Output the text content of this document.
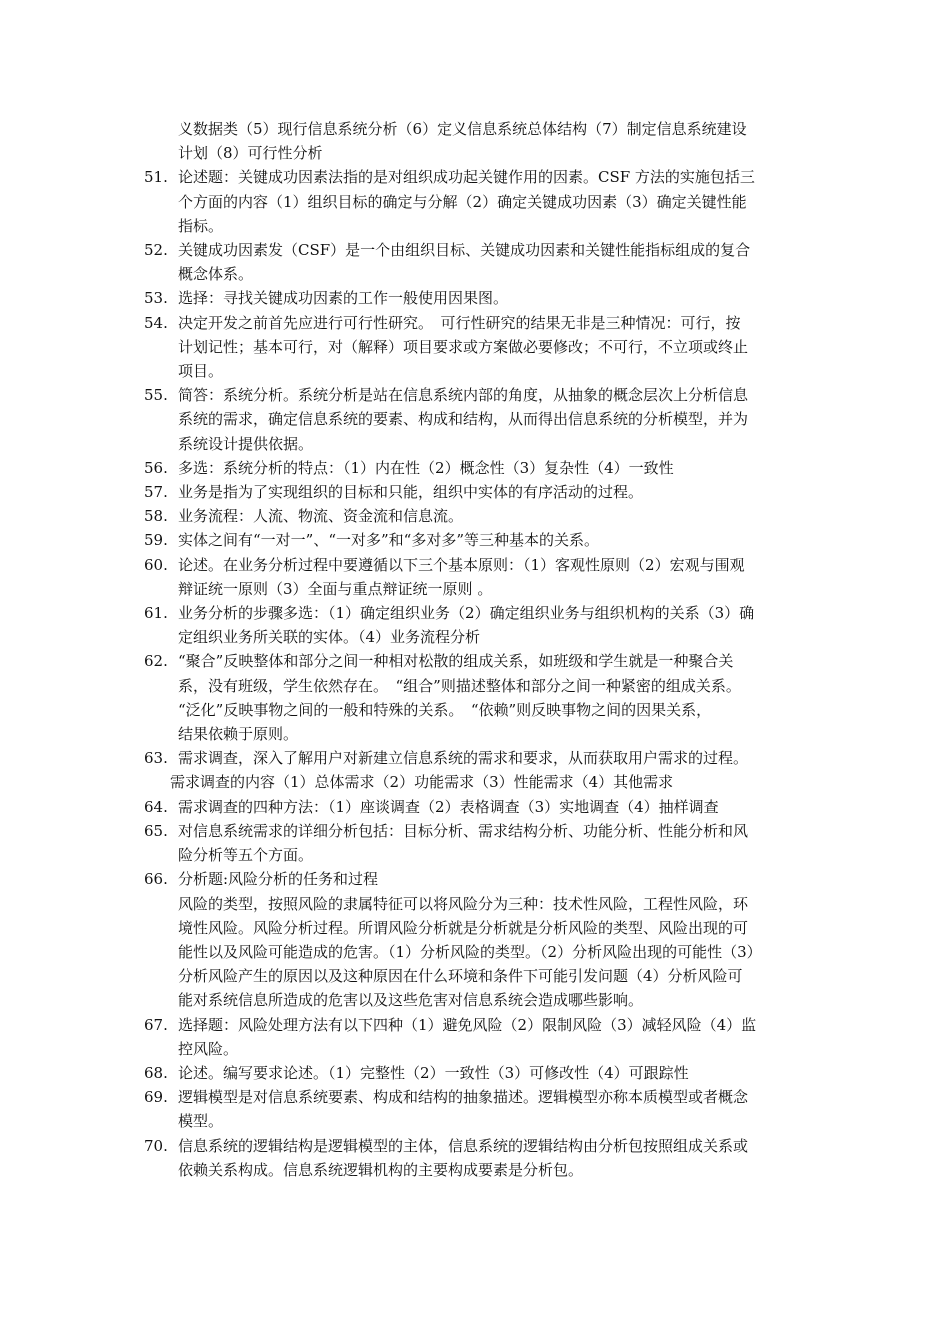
义数据类（5）现行信息系统分析（6）定义信息系统总体结构（7）制定信息系统建设
计划（8）可行性分析
51. 论述题：关键成功因素法指的是对组织成功起关键作用的因素。CSF 方法的实施包括三
个方面的内容（1）组织目标的确定与分解（2）确定关键成功因素（3）确定关键性能
指标。
52. 关键成功因素发（CSF）是一个由组织目标、关键成功因素和关键性能指标组成的复合
概念体系。
53. 选择：寻找关键成功因素的工作一般使用因果图。
54. 决定开发之前首先应进行可行性研究。　可行性研究的结果无非是三种情况：可行，按
计划记性；基本可行，对（解释）项目要求或方案做必要修改；不可行，不立项或终止
项目。
55. 简答：系统分析。系统分析是站在信息系统内部的角度，从抽象的概念层次上分析信息
系统的需求，确定信息系统的要素、构成和结构，从而得出信息系统的分析模型，并为
系统设计提供依据。
56. 多选：系统分析的特点：（1）内在性（2）概念性（3）复杂性（4）一致性
57. 业务是指为了实现组织的目标和只能，组织中实体的有序活动的过程。
58. 业务流程：人流、物流、资金流和信息流。
59. 实体之间有“一对一”、“一对多”和“多对多”等三种基本的关系。
60. 论述。在业务分析过程中要遵循以下三个基本原则：（1）客观性原则（2）宏观与围观
辩证统一原则（3）全面与重点辩证统一原则 。
61. 业务分析的步骤多选：（1）确定组织业务（2）确定组织业务与组织机构的关系（3）确
定组织业务所关联的实体。（4）业务流程分析
62. “聚合”反映整体和部分之间一种相对松散的组成关系，如班级和学生就是一种聚合关
系，没有班级，学生依然存在。　“组合”则描述整体和部分之间一种紧密的组成关系。
“泛化”反映事物之间的一般和特殊的关系。　“依赖”则反映事物之间的因果关系，
结果依赖于原则。
63. 需求调查，深入了解用户对新建立信息系统的需求和要求，从而获取用户需求的过程。
需求调查的内容（1）总体需求（2）功能需求（3）性能需求（4）其他需求
64. 需求调查的四种方法：（1）座谈调查（2）表格调查（3）实地调查（4）抽样调查
65. 对信息系统需求的详细分析包括：目标分析、需求结构分析、功能分析、性能分析和风
险分析等五个方面。
66. 分析题:风险分析的任务和过程
风险的类型，按照风险的隶属特征可以将风险分为三种：技术性风险，工程性风险，环
境性风险。风险分析过程。所谓风险分析就是分析就是分析风险的类型、风险出现的可
能性以及风险可能造成的危害。（1）分析风险的类型。（2）分析风险出现的可能性（3）
分析风险产生的原因以及这种原因在什么环境和条件下可能引发问题（4）分析风险可
能对系统信息所造成的危害以及这些危害对信息系统会造成哪些影响。
67. 选择题：风险处理方法有以下四种（1）避免风险（2）限制风险（3）减轻风险（4）监
控风险。
68. 论述。编写要求论述。（1）完整性（2）一致性（3）可修改性（4）可跟踪性
69. 逻辑模型是对信息系统要素、构成和结构的抽象描述。逻辑模型亦称本质模型或者概念
模型。
70. 信息系统的逻辑结构是逻辑模型的主体，信息系统的逻辑结构由分析包按照组成关系或
依赖关系构成。信息系统逻辑机构的主要构成要素是分析包。
